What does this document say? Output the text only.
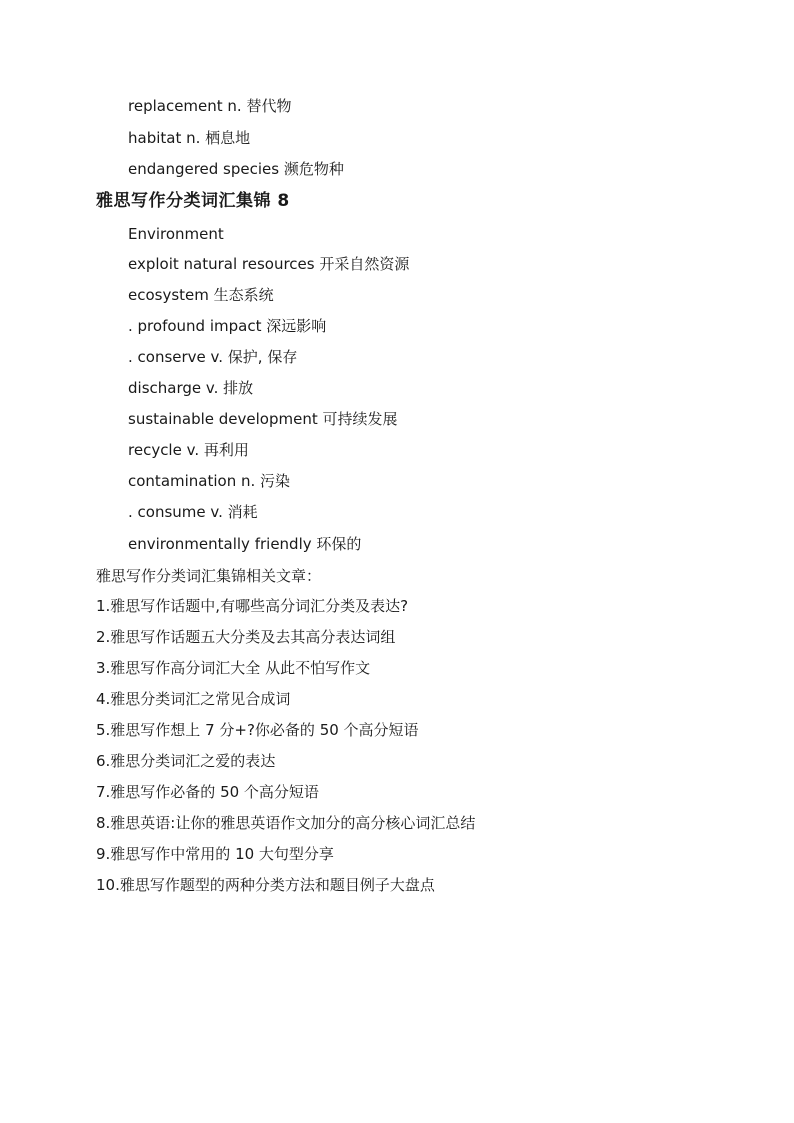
replacement n. 替代物
habitat n. 栖息地
endangered species 濒危物种
雅思写作分类词汇集锦 8
Environment
exploit natural resources 开采自然资源
ecosystem 生态系统
. profound impact 深远影响
. conserve v. 保护, 保存
discharge v. 排放
sustainable development 可持续发展
recycle v. 再利用
contamination n. 污染
. consume v. 消耗
environmentally friendly 环保的
雅思写作分类词汇集锦相关文章：
1.雅思写作话题中,有哪些高分词汇分类及表达?
2.雅思写作话题五大分类及去其高分表达词组
3.雅思写作高分词汇大全 从此不怕写作文
4.雅思分类词汇之常见合成词
5.雅思写作想上 7 分+?你必备的 50 个高分短语
6.雅思分类词汇之爱的表达
7.雅思写作必备的 50 个高分短语
8.雅思英语:让你的雅思英语作文加分的高分核心词汇总结
9.雅思写作中常用的 10 大句型分享
10.雅思写作题型的两种分类方法和题目例子大盘点
